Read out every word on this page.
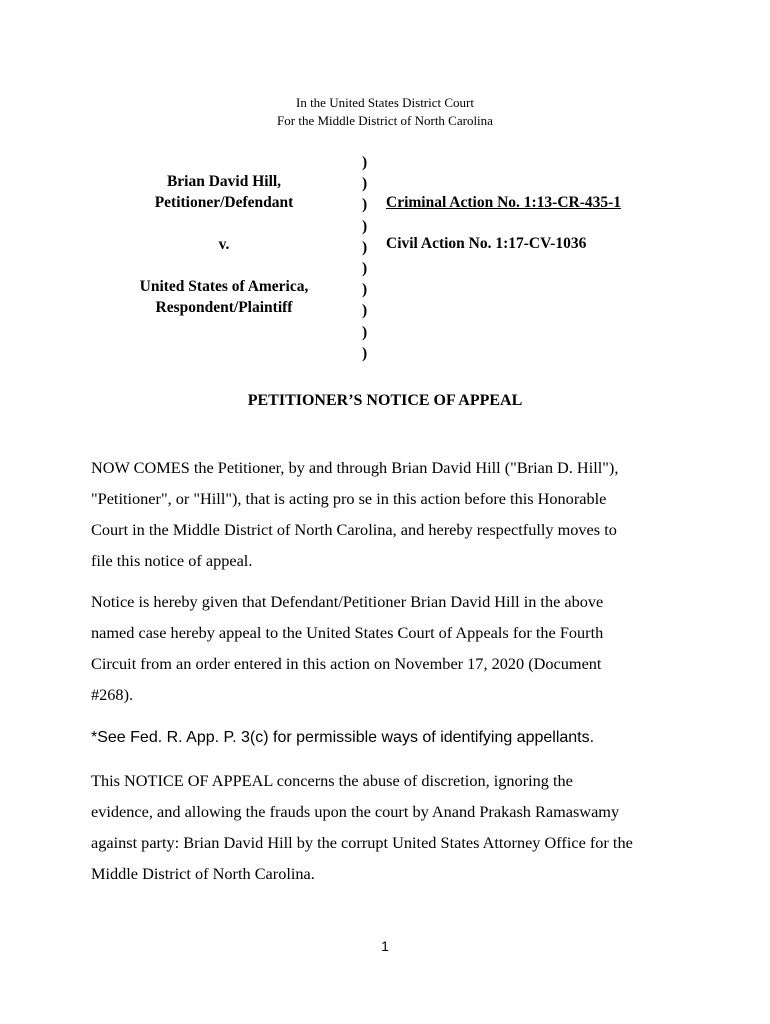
In the United States District Court
For the Middle District of North Carolina
Brian David Hill,
Petitioner/Defendant
v.
United States of America,
Respondent/Plaintiff
)
)
)
)
)
)
)
)
)
)
Criminal Action No. 1:13-CR-435-1
Civil Action No. 1:17-CV-1036
PETITIONER’S NOTICE OF APPEAL
NOW COMES the Petitioner, by and through Brian David Hill ("Brian D. Hill"),
"Petitioner", or "Hill"), that is acting pro se in this action before this Honorable
Court in the Middle District of North Carolina, and hereby respectfully moves to
file this notice of appeal.
Notice is hereby given that Defendant/Petitioner Brian David Hill in the above
named case hereby appeal to the United States Court of Appeals for the Fourth
Circuit from an order entered in this action on November 17, 2020 (Document
#268).
*See Fed. R. App. P. 3(c) for permissible ways of identifying appellants.
This NOTICE OF APPEAL concerns the abuse of discretion, ignoring the
evidence, and allowing the frauds upon the court by Anand Prakash Ramaswamy
against party: Brian David Hill by the corrupt United States Attorney Office for the
Middle District of North Carolina.
1
